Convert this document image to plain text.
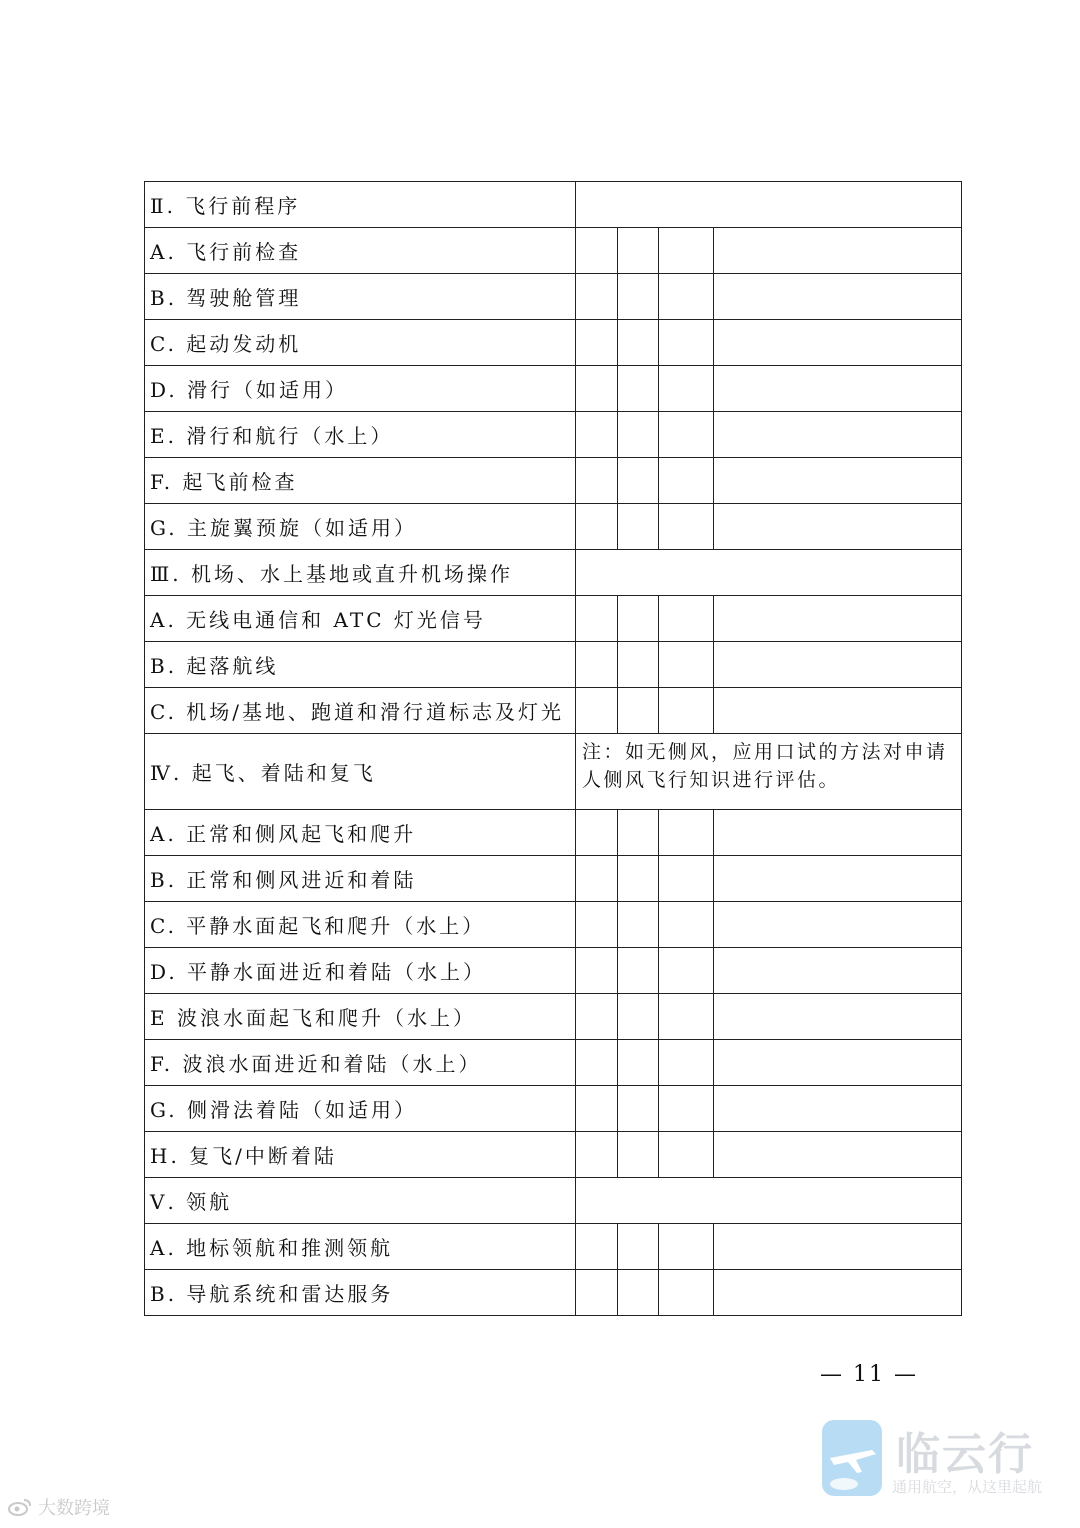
Ⅱ. 飞行前程序				
A. 飞行前检查				
B. 驾驶舱管理				
C. 起动发动机				
D. 滑行（如适用）				
E. 滑行和航行（水上）				
F. 起飞前检查				
G. 主旋翼预旋（如适用）				
Ⅲ. 机场、水上基地或直升机场操作				
A. 无线电通信和 ATC 灯光信号				
B. 起落航线				
C. 机场/基地、跑道和滑行道标志及灯光				
Ⅳ. 起飞、着陆和复飞	注：如无侧风，应用口试的方法对申请人侧风飞行知识进行评估。			
A. 正常和侧风起飞和爬升				
B. 正常和侧风进近和着陆				
C. 平静水面起飞和爬升（水上）				
D. 平静水面进近和着陆（水上）				
E 波浪水面起飞和爬升（水上）				
F. 波浪水面进近和着陆（水上）				
G. 侧滑法着陆（如适用）				
H. 复飞/中断着陆				
Ⅴ. 领航				
A. 地标领航和推测领航				
B. 导航系统和雷达服务				
— 11 —
大数跨境
临云行
通用航空，从这里起航
